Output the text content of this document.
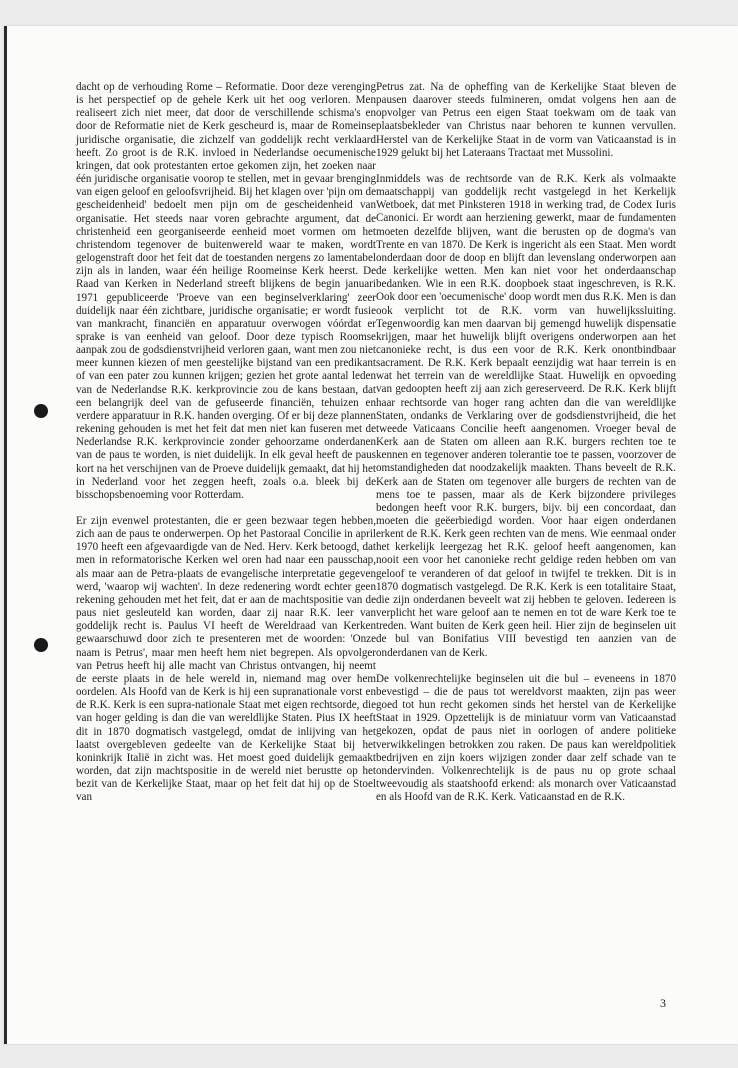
dacht op de verhouding Rome – Reformatie. Door deze verenging is het perspectief op de gehele Kerk uit het oog verloren. Men realiseert zich niet meer, dat door de verschillende schisma's en door de Reformatie niet de Kerk gescheurd is, maar de Romeinse juridische organisatie, die zichzelf van goddelijk recht verklaard heeft. Zo groot is de R.K. invloed in Nederlandse oecumenische kringen, dat ook protestanten ertoe gekomen zijn, het zoeken naar één juridische organisatie voorop te stellen, met in gevaar brenging van eigen geloof en geloofsvrijheid. Bij het klagen over 'pijn om de gescheidenheid' bedoelt men pijn om de gescheidenheid van organisatie. Het steeds naar voren gebrachte argument, dat de christenheid een georganiseerde eenheid moet vormen om het christendom tegenover de buitenwereld waar te maken, wordt gelogenstraft door het feit dat de toestanden nergens zo lamentabel zijn als in landen, waar één heilige Roomeinse Kerk heerst. De Raad van Kerken in Nederland streeft blijkens de begin januari 1971 gepubliceerde 'Proeve van een beginselverklaring' zeer duidelijk naar één zichtbare, juridische organisatie; er wordt fusie van mankracht, financiën en apparatuur overwogen vóórdat er sprake is van eenheid van geloof. Door deze typisch Roomse aanpak zou de godsdienstvrijheid verloren gaan, want men zou niet meer kunnen kiezen of men geestelijke bijstand van een predikant of van een pater zou kunnen krijgen; gezien het grote aantal leden van de Nederlandse R.K. kerkprovincie zou de kans bestaan, dat een belangrijk deel van de gefuseerde financiën, tehuizen en verdere apparatuur in R.K. handen overging. Of er bij deze plannen rekening gehouden is met het feit dat men niet kan fuseren met de Nederlandse R.K. kerkprovincie zonder gehoorzame onderdanen van de paus te worden, is niet duidelijk. In elk geval heeft de paus kort na het verschijnen van de Proeve duidelijk gemaakt, dat hij het in Nederland voor het zeggen heeft, zoals o.a. bleek bij de bisschopsbenoeming voor Rotterdam.

Er zijn evenwel protestanten, die er geen bezwaar tegen hebben, zich aan de paus te onderwerpen. Op het Pastoraal Concilie in april 1970 heeft een afgevaardigde van de Ned. Herv. Kerk betoogd, dat men in reformatorische Kerken wel oren had naar een pausschap, als maar aan de Petra-plaats de evangelische interpretatie gegeven werd, 'waarop wij wachten'. In deze redenering wordt echter geen rekening gehouden met het feit, dat er aan de machtspositie van de paus niet gesleuteld kan worden, daar zij naar R.K. leer van goddelijk recht is. Paulus VI heeft de Wereldraad van Kerken gewaarschuwd door zich te presenteren met de woorden: 'Onze naam is Petrus', maar men heeft hem niet begrepen. Als opvolger van Petrus heeft hij alle macht van Christus ontvangen, hij neemt de eerste plaats in de hele wereld in, niemand mag over hem oordelen. Als Hoofd van de Kerk is hij een supranationale vorst en de R.K. Kerk is een supra-nationale Staat met eigen rechtsorde, die van hoger gelding is dan die van wereldlijke Staten. Pius IX heeft dit in 1870 dogmatisch vastgelegd, omdat de inlijving van het laatst overgebleven gedeelte van de Kerkelijke Staat bij het koninkrijk Italië in zicht was. Het moest goed duidelijk gemaakt worden, dat zijn machtspositie in de wereld niet berustte op het bezit van de Kerkelijke Staat, maar op het feit dat hij op de Stoel van

Petrus zat. Na de opheffing van de Kerkelijke Staat bleven de pausen daarover steeds fulmineren, omdat volgens hen aan de opvolger van Petrus een eigen Staat toekwam om de taak van plaatsbekleder van Christus naar behoren te kunnen vervullen. Herstel van de Kerkelijke Staat in de vorm van Vaticaanstad is in 1929 gelukt bij het Lateraans Tractaat met Mussolini.

Inmiddels was de rechtsorde van de R.K. Kerk als volmaakte maatschappij van goddelijk recht vastgelegd in het Kerkelijk Wetboek, dat met Pinksteren 1918 in werking trad, de Codex Iuris Canonici. Er wordt aan herziening gewerkt, maar de fundamenten moeten dezelfde blijven, want die berusten op de dogma's van Trente en van 1870. De Kerk is ingericht als een Staat. Men wordt onderdaan door de doop en blijft dan levenslang onderworpen aan de kerkelijke wetten. Men kan niet voor het onderdaanschap bedanken. Wie in een R.K. doopboek staat ingeschreven, is R.K. Ook door een 'oecumenische' doop wordt men dus R.K. Men is dan ook verplicht tot de R.K. vorm van huwelijkssluiting. Tegenwoordig kan men daarvan bij gemengd huwelijk dispensatie krijgen, maar het huwelijk blijft overigens onderworpen aan het canonieke recht, is dus een voor de R.K. Kerk onontbindbaar sacrament. De R.K. Kerk bepaalt eenzijdig wat haar terrein is en wat het terrein van de wereldlijke Staat. Huwelijk en opvoeding van gedoopten heeft zij aan zich gereserveerd. De R.K. Kerk blijft haar rechtsorde van hoger rang achten dan die van wereldlijke Staten, ondanks de Verklaring over de godsdienstvrijheid, die het tweede Vaticaans Concilie heeft aangenomen. Vroeger beval de Kerk aan de Staten om alleen aan R.K. burgers rechten toe te kennen en tegenover anderen tolerantie toe te passen, voorzover de omstandigheden dat noodzakelijk maakten. Thans beveelt de R.K. Kerk aan de Staten om tegenover alle burgers de rechten van de mens toe te passen, maar als de Kerk bijzondere privileges bedongen heeft voor R.K. burgers, bijv. bij een concordaat, dan moeten die geëerbiedigd worden. Voor haar eigen onderdanen erkent de R.K. Kerk geen rechten van de mens. Wie eenmaal onder het kerkelijk leergezag het R.K. geloof heeft aangenomen, kan nooit een voor het canonieke recht geldige reden hebben om van geloof te veranderen of dat geloof in twijfel te trekken. Dit is in 1870 dogmatisch vastgelegd. De R.K. Kerk is een totalitaire Staat, die zijn onderdanen beveelt wat zij hebben te geloven. Iedereen is verplicht het ware geloof aan te nemen en tot de ware Kerk toe te treden. Want buiten de Kerk geen heil. Hier zijn de beginselen uit de bul van Bonifatius VIII bevestigd ten aanzien van de onderdanen van de Kerk.

De volkenrechtelijke beginselen uit die bul – eveneens in 1870 bevestigd – die de paus tot wereldvorst maakten, zijn pas weer goed tot hun recht gekomen sinds het herstel van de Kerkelijke Staat in 1929. Opzettelijk is de miniatuur vorm van Vaticaanstad gekozen, opdat de paus niet in oorlogen of andere politieke verwikkelingen betrokken zou raken. De paus kan wereldpolitiek bedrijven en zijn koers wijzigen zonder daar zelf schade van te ondervinden. Volkenrechtelijk is de paus nu op grote schaal tweevoudig als staatshoofd erkend: als monarch over Vaticaanstad en als Hoofd van de R.K. Kerk. Vaticaanstad en de R.K.

3
